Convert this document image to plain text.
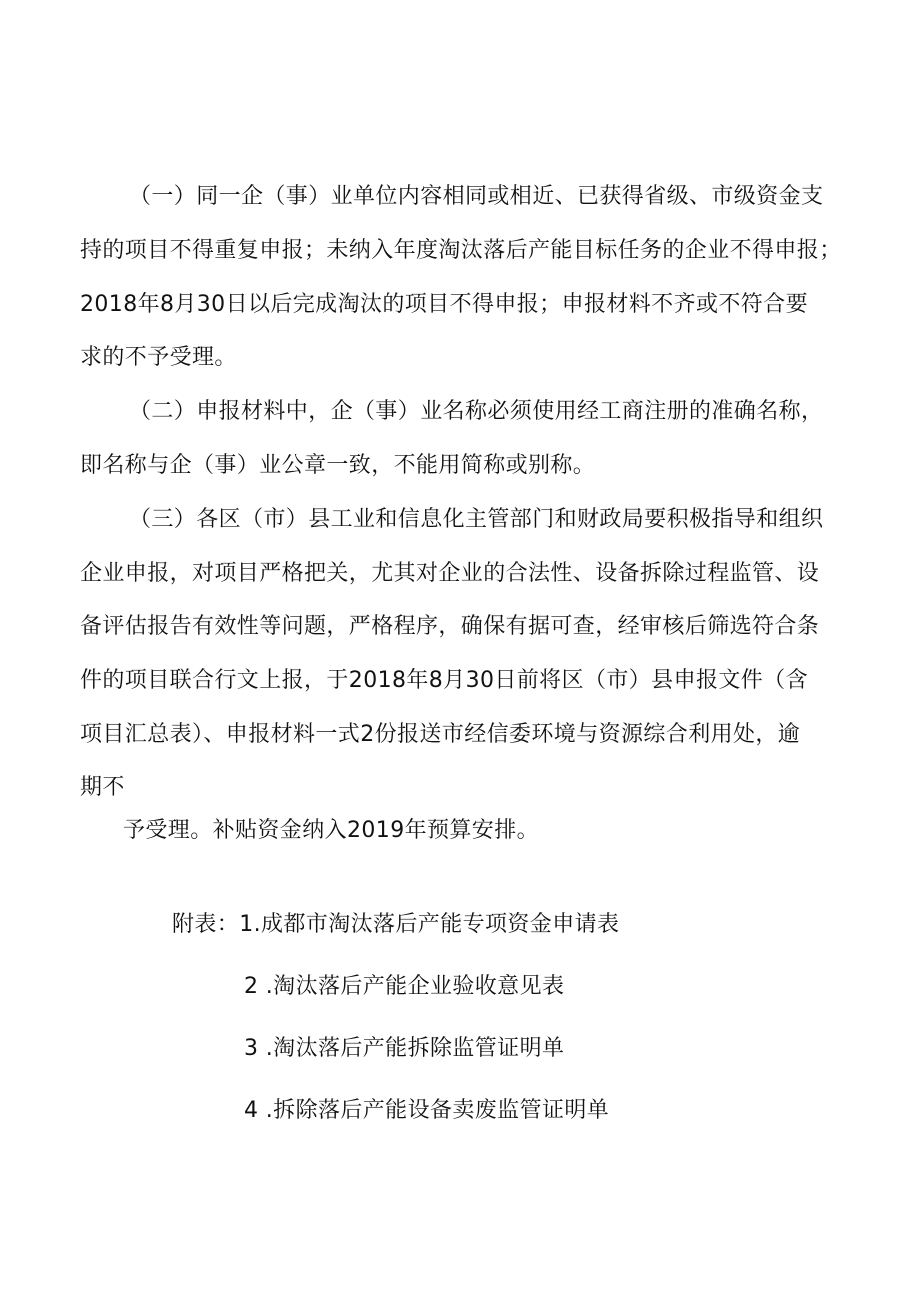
（一）同一企（事）业单位内容相同或相近、已获得省级、市级资金支
持的项目不得重复申报；未纳入年度淘汰落后产能目标任务的企业不得申报；
2018年8月30日以后完成淘汰的项目不得申报；申报材料不齐或不符合要
求的不予受理。
（二）申报材料中，企（事）业名称必须使用经工商注册的准确名称，
即名称与企（事）业公章一致，不能用简称或别称。
（三）各区（市）县工业和信息化主管部门和财政局要积极指导和组织
企业申报，对项目严格把关，尤其对企业的合法性、设备拆除过程监管、设
备评估报告有效性等问题，严格程序，确保有据可查，经审核后筛选符合条
件的项目联合行文上报，于2018年8月30日前将区（市）县申报文件（含
项目汇总表）、申报材料一式2份报送市经信委环境与资源综合利用处，逾
期不
予受理。补贴资金纳入2019年预算安排。
附表：1.成都市淘汰落后产能专项资金申请表
2 .淘汰落后产能企业验收意见表
3 .淘汰落后产能拆除监管证明单
4 .拆除落后产能设备卖废监管证明单
